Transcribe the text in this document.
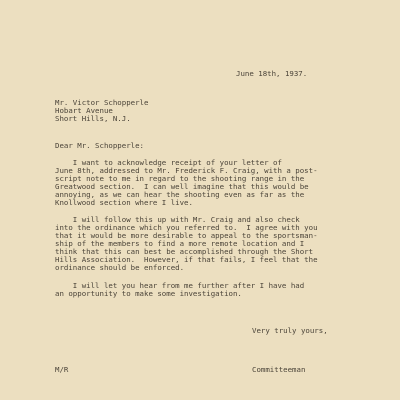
June 18th, 1937.
Mr. Victor Schopperle
Hobart Avenue
Short Hills, N.J.
Dear Mr. Schopperle:
I want to acknowledge receipt of your letter of
June 8th, addressed to Mr. Frederick F. Craig, with a post-
script note to me in regard to the shooting range in the
Greatwood section.  I can well imagine that this would be
annoying, as we can hear the shooting even as far as the
Knollwood section where I live.
I will follow this up with Mr. Craig and also check
into the ordinance which you referred to.  I agree with you
that it would be more desirable to appeal to the sportsman-
ship of the members to find a more remote location and I
think that this can best be accomplished through the Short
Hills Association.  However, if that fails, I feel that the
ordinance should be enforced.
I will let you hear from me further after I have had
an opportunity to make some investigation.
Very truly yours,
M/R	Committeeman
